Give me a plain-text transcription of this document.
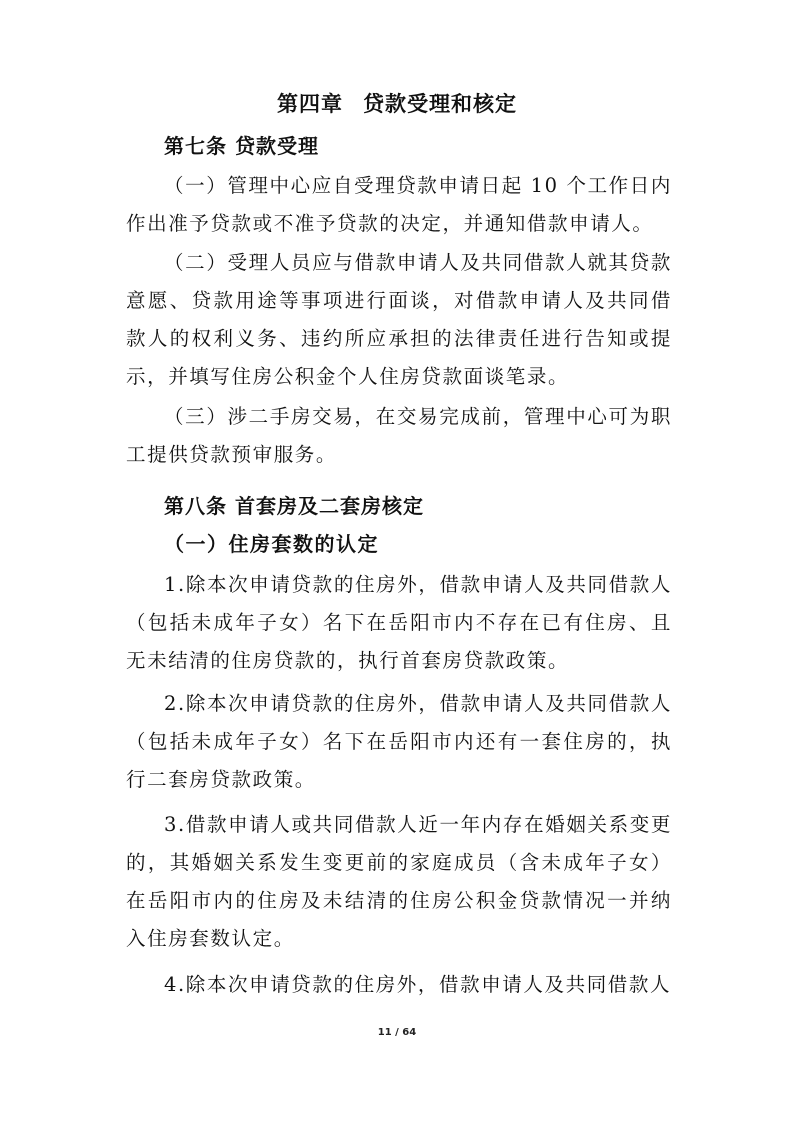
第四章 贷款受理和核定
第七条 贷款受理
（一）管理中心应自受理贷款申请日起 10 个工作日内作出准予贷款或不准予贷款的决定，并通知借款申请人。
（二）受理人员应与借款申请人及共同借款人就其贷款意愿、贷款用途等事项进行面谈，对借款申请人及共同借款人的权利义务、违约所应承担的法律责任进行告知或提示，并填写住房公积金个人住房贷款面谈笔录。
（三）涉二手房交易，在交易完成前，管理中心可为职工提供贷款预审服务。
第八条 首套房及二套房核定
（一）住房套数的认定
1.除本次申请贷款的住房外，借款申请人及共同借款人（包括未成年子女）名下在岳阳市内不存在已有住房、且无未结清的住房贷款的，执行首套房贷款政策。
2.除本次申请贷款的住房外，借款申请人及共同借款人（包括未成年子女）名下在岳阳市内还有一套住房的，执行二套房贷款政策。
3.借款申请人或共同借款人近一年内存在婚姻关系变更的，其婚姻关系发生变更前的家庭成员（含未成年子女）在岳阳市内的住房及未结清的住房公积金贷款情况一并纳入住房套数认定。
4.除本次申请贷款的住房外，借款申请人及共同借款人
11 / 64
